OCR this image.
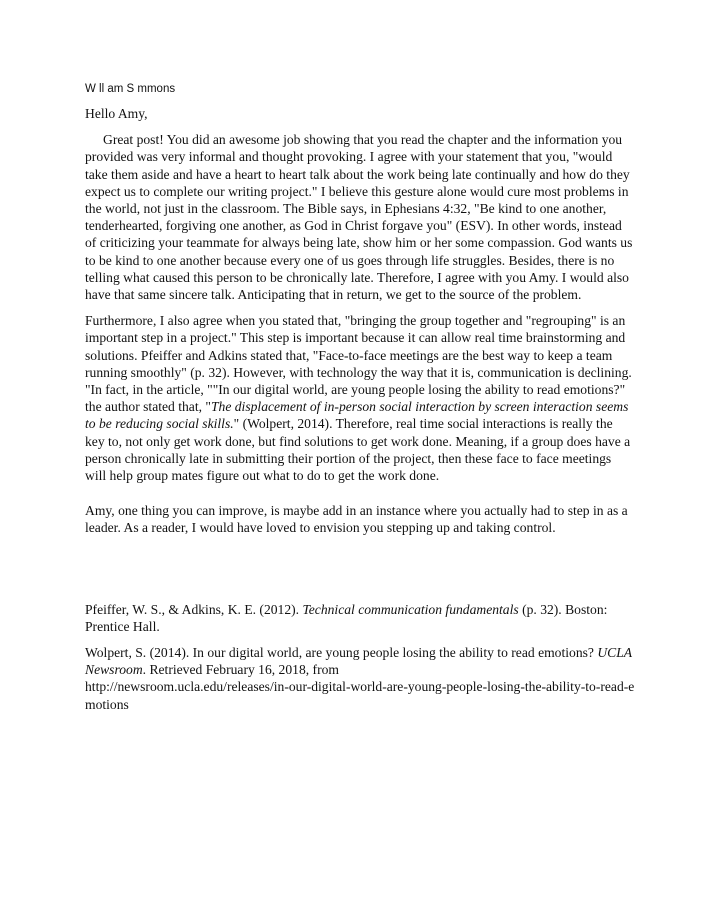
W ll am S mmons

Hello Amy,

Great post! You did an awesome job showing that you read the chapter and the information you provided was very informal and thought provoking. I agree with your statement that you, "would take them aside and have a heart to heart talk about the work being late continually and how do they expect us to complete our writing project." I believe this gesture alone would cure most problems in the world, not just in the classroom. The Bible says, in Ephesians 4:32, "Be kind to one another, tenderhearted, forgiving one another, as God in Christ forgave you" (ESV). In other words, instead of criticizing your teammate for always being late, show him or her some compassion. God wants us to be kind to one another because every one of us goes through life struggles. Besides, there is no telling what caused this person to be chronically late. Therefore, I agree with you Amy. I would also have that same sincere talk. Anticipating that in return, we get to the source of the problem.

Furthermore, I also agree when you stated that, "bringing the group together and "regrouping" is an important step in a project." This step is important because it can allow real time brainstorming and solutions. Pfeiffer and Adkins stated that, "Face-to-face meetings are the best way to keep a team running smoothly" (p. 32). However, with technology the way that it is, communication is declining. "In fact, in the article, ""In our digital world, are young people losing the ability to read emotions?" the author stated that, "The displacement of in-person social interaction by screen interaction seems to be reducing social skills." (Wolpert, 2014). Therefore, real time social interactions is really the key to, not only get work done, but find solutions to get work done. Meaning, if a group does have a person chronically late in submitting their portion of the project, then these face to face meetings will help group mates figure out what to do to get the work done.

Amy, one thing you can improve, is maybe add in an instance where you actually had to step in as a leader. As a reader, I would have loved to envision you stepping up and taking control.

Pfeiffer, W. S., & Adkins, K. E. (2012). Technical communication fundamentals (p. 32). Boston: Prentice Hall.

Wolpert, S. (2014). In our digital world, are young people losing the ability to read emotions? UCLA Newsroom. Retrieved February 16, 2018, from
http://newsroom.ucla.edu/releases/in-our-digital-world-are-young-people-losing-the-ability-to-read-emotions
